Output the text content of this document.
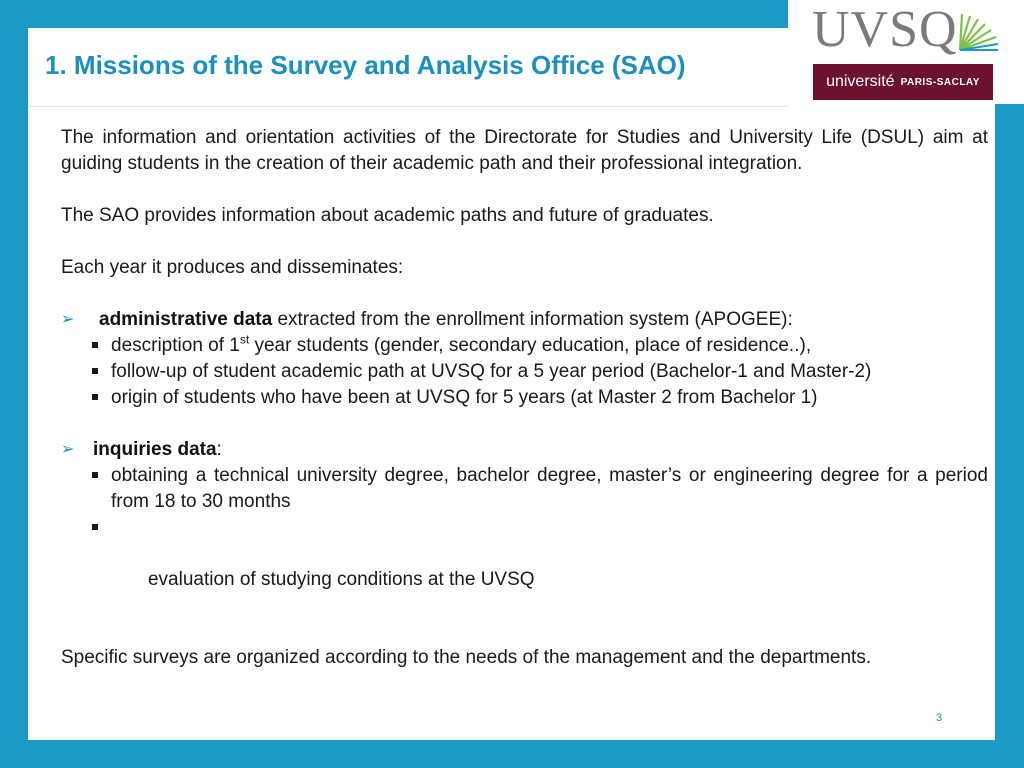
1. Missions of the Survey and Analysis Office (SAO)

The information and orientation activities of the Directorate for Studies and University Life (DSUL) aim at guiding students in the creation of their academic path and their professional integration.

The SAO provides information about academic paths and future of graduates.

Each year it produces and disseminates:

➢ administrative data extracted from the enrollment information system (APOGEE):
description of 1st year students (gender, secondary education, place of residence..),
follow-up of student academic path at UVSQ for a 5 year period (Bachelor-1 and Master-2)
origin of students who have been at UVSQ for 5 years (at Master 2 from Bachelor 1)
➢ inquiries data:
obtaining a technical university degree, bachelor degree, master’s or engineering degree for a period from 18 to 30 months

evaluation of studying conditions at the UVSQ

Specific surveys are organized according to the needs of the management and the departments.

3
UVSQ
université PARIS-SACLAY
